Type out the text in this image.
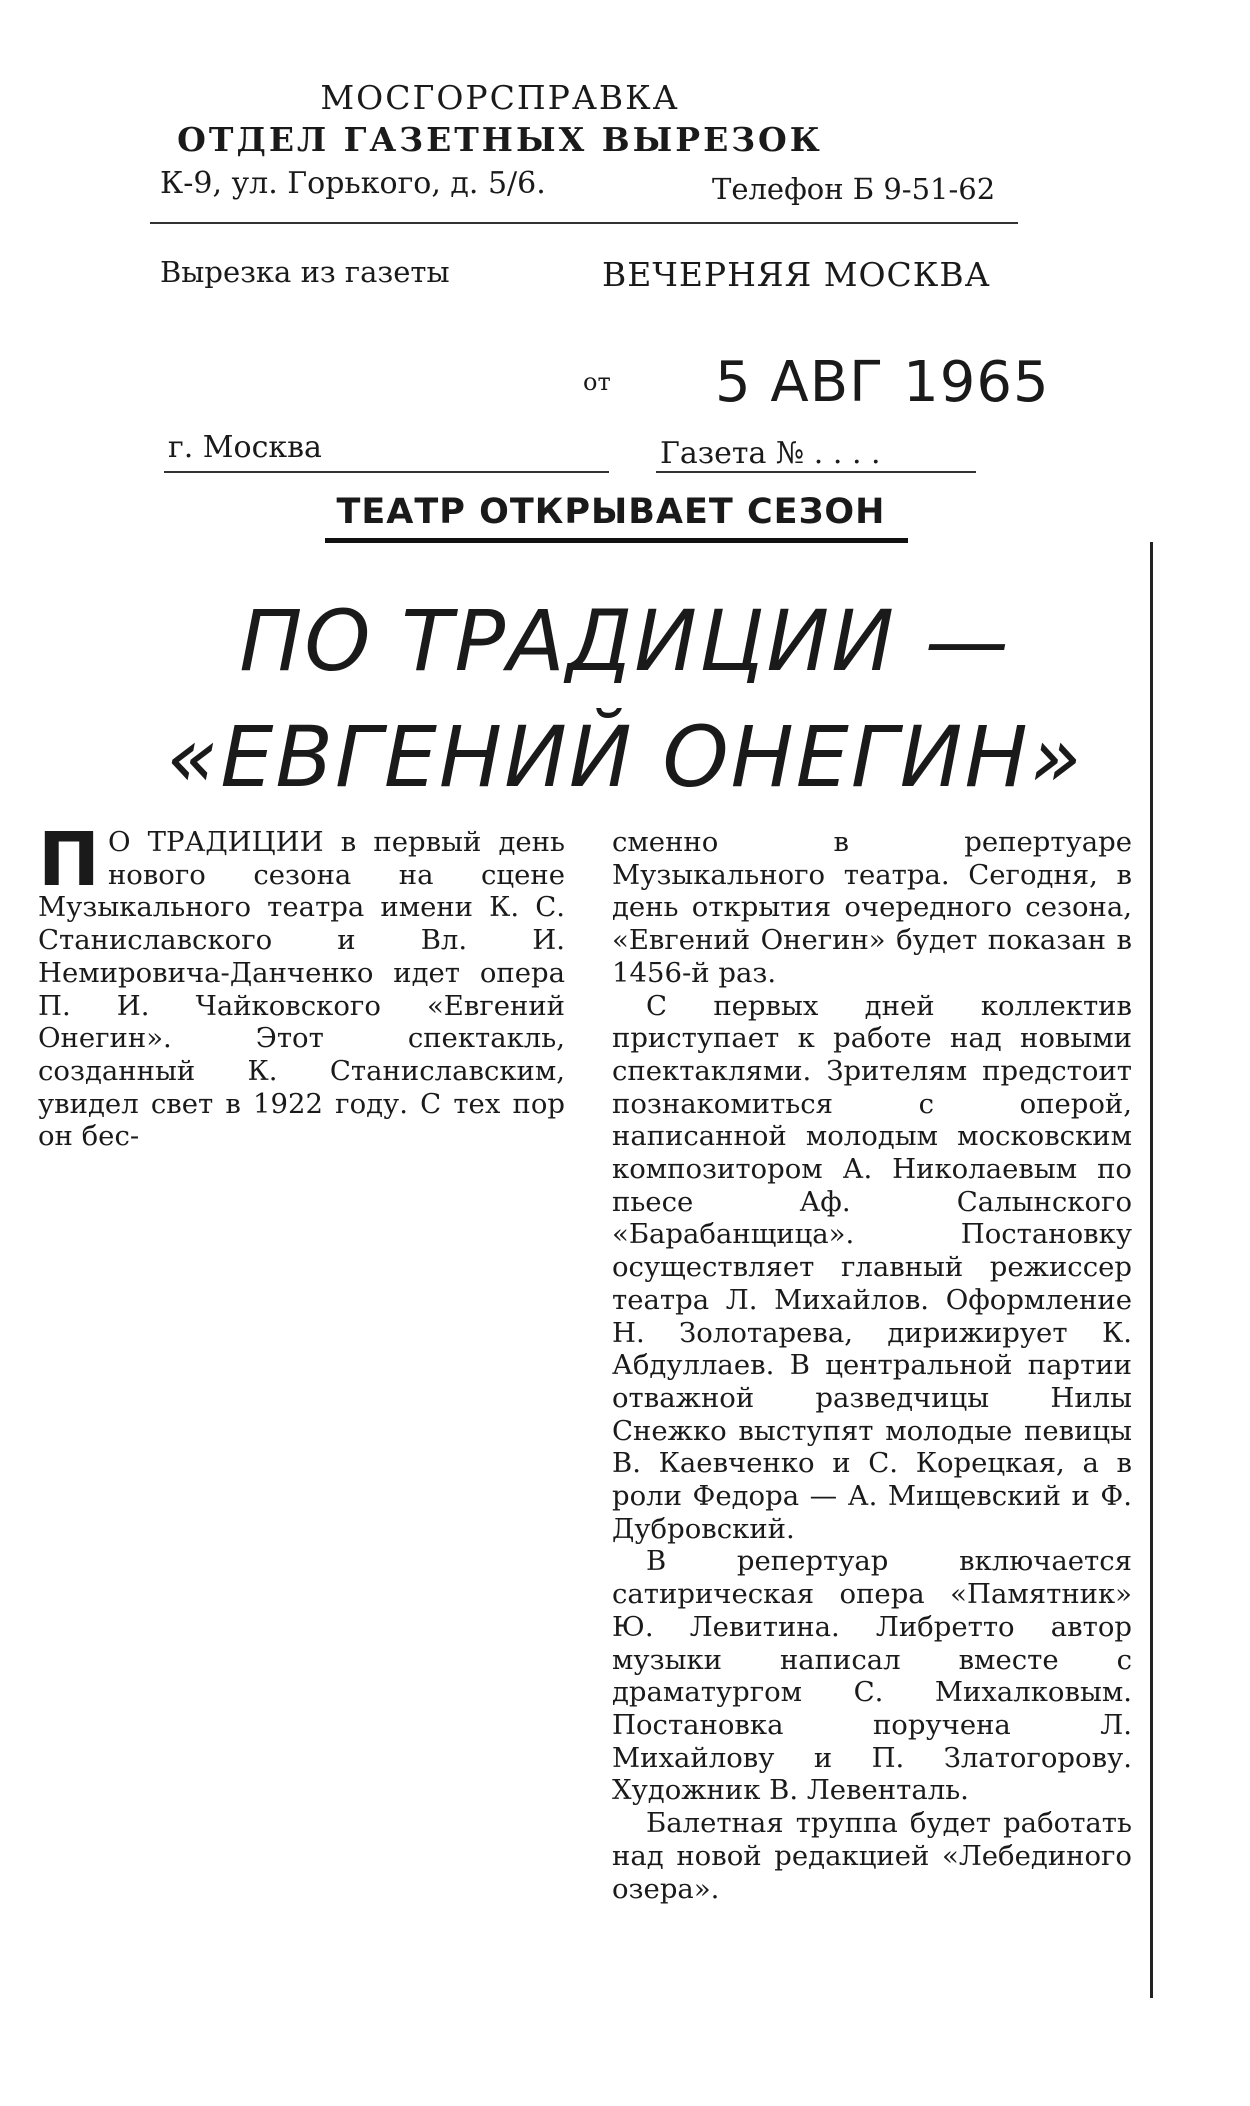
МОСГОРСПРАВКА
ОТДЕЛ ГАЗЕТНЫХ ВЫРЕЗОК
К-9, ул. Горького, д. 5/6.	Телефон Б 9-51-62
Вырезка из газеты	ВЕЧЕРНЯЯ МОСКВА
от 5 АВГ 1965
г. Москва	Газета № . . . .
ТЕАТР ОТКРЫВАЕТ СЕЗОН
ПО ТРАДИЦИИ —
«ЕВГЕНИЙ ОНЕГИН»

П О ТРАДИЦИИ в первый день нового сезона на сцене Музыкального театра имени К. С. Станиславского и Вл. И. Немировича-Данченко идет опера П. И. Чайковского «Евгений Онегин». Этот спектакль, созданный К. Станиславским, увидел свет в 1922 году. С тех пор он бес-

сменно в репертуаре Музыкального театра. Сегодня, в день открытия очередного сезона, «Евгений Онегин» будет показан в 1456-й раз.

С первых дней коллектив приступает к работе над новыми спектаклями. Зрителям предстоит познакомиться с оперой, написанной молодым московским композитором А. Николаевым по пьесе Аф. Салынского «Барабанщица». Постановку осуществляет главный режиссер театра Л. Михайлов. Оформление Н. Золотарева, дирижирует К. Абдуллаев. В центральной партии отважной разведчицы Нилы Снежко выступят молодые певицы В. Каевченко и С. Корецкая, а в роли Федора — А. Мищевский и Ф. Дубровский.

В репертуар включается сатирическая опера «Памятник» Ю. Левитина. Либретто автор музыки написал вместе с драматургом С. Михалковым. Постановка поручена Л. Михайлову и П. Златогорову. Художник В. Левенталь.

Балетная труппа будет работать над новой редакцией «Лебединого озера».
